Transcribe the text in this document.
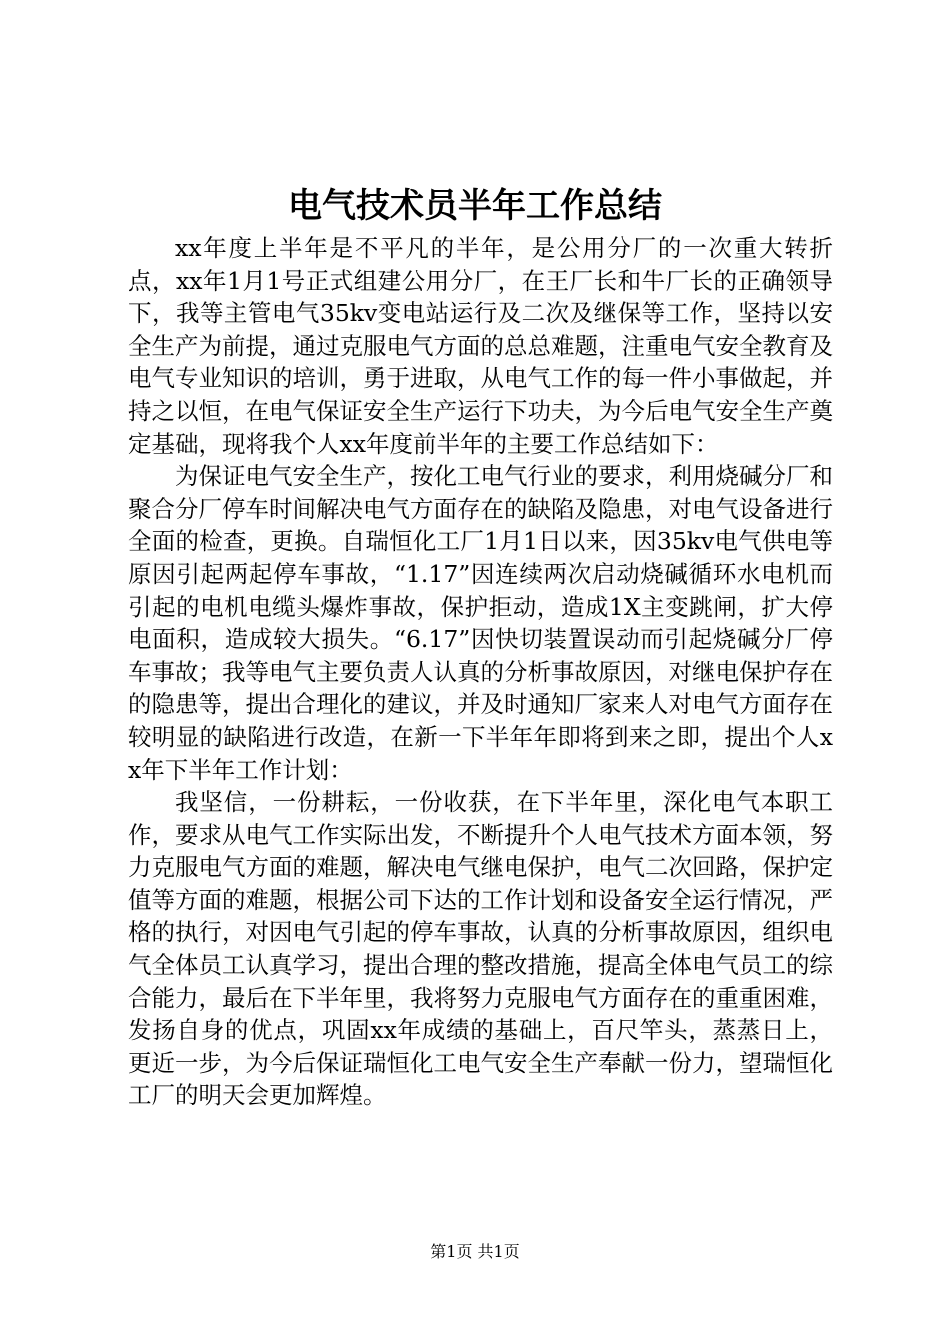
电气技术员半年工作总结

xx年度上半年是不平凡的半年，是公用分厂的一次重大转折点，xx年1月1号正式组建公用分厂，在王厂长和牛厂长的正确领导下，我等主管电气35kv变电站运行及二次及继保等工作，坚持以安全生产为前提，通过克服电气方面的总总难题，注重电气安全教育及电气专业知识的培训，勇于进取，从电气工作的每一件小事做起，并持之以恒，在电气保证安全生产运行下功夫，为今后电气安全生产奠定基础，现将我个人xx年度前半年的主要工作总结如下：

为保证电气安全生产，按化工电气行业的要求，利用烧碱分厂和聚合分厂停车时间解决电气方面存在的缺陷及隐患，对电气设备进行全面的检查，更换。自瑞恒化工厂1月1日以来，因35kv电气供电等原因引起两起停车事故，“1.17”因连续两次启动烧碱循环水电机而引起的电机电缆头爆炸事故，保护拒动，造成1X主变跳闸，扩大停电面积，造成较大损失。“6.17”因快切装置误动而引起烧碱分厂停车事故；我等电气主要负责人认真的分析事故原因，对继电保护存在的隐患等，提出合理化的建议，并及时通知厂家来人对电气方面存在较明显的缺陷进行改造，在新一下半年年即将到来之即，提出个人xx年下半年工作计划：

我坚信，一份耕耘，一份收获，在下半年里，深化电气本职工作，要求从电气工作实际出发，不断提升个人电气技术方面本领，努力克服电气方面的难题，解决电气继电保护，电气二次回路，保护定值等方面的难题，根据公司下达的工作计划和设备安全运行情况，严格的执行，对因电气引起的停车事故，认真的分析事故原因，组织电气全体员工认真学习，提出合理的整改措施，提高全体电气员工的综合能力，最后在下半年里，我将努力克服电气方面存在的重重困难，发扬自身的优点，巩固xx年成绩的基础上，百尺竿头，蒸蒸日上，更近一步，为今后保证瑞恒化工电气安全生产奉献一份力，望瑞恒化工厂的明天会更加辉煌。

第1页 共1页
